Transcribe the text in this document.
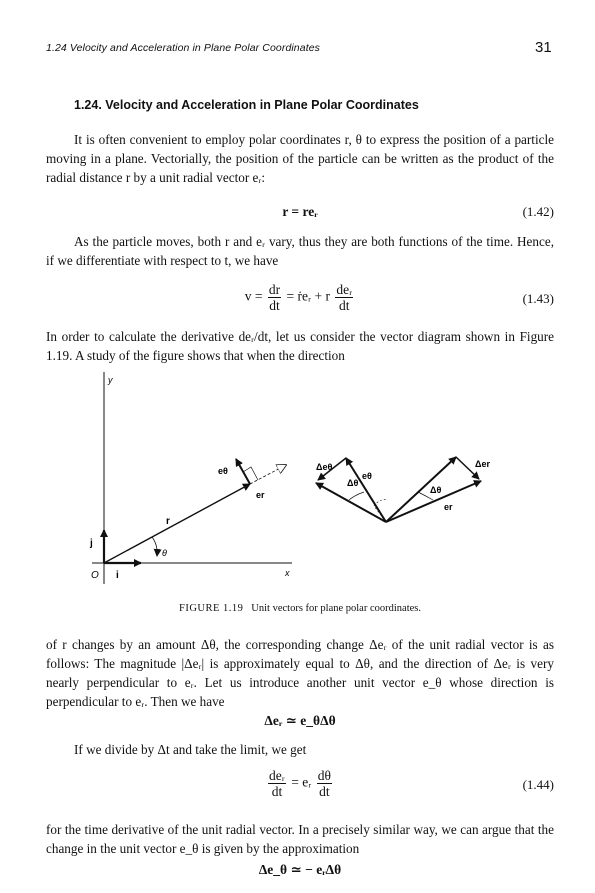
1.24 Velocity and Acceleration in Plane Polar Coordinates	31
1.24. Velocity and Acceleration in Plane Polar Coordinates
It is often convenient to employ polar coordinates r, θ to express the position of a particle moving in a plane. Vectorially, the position of the particle can be written as the product of the radial distance r by a unit radial vector eᵣ:
r = reᵣ	(1.42)
As the particle moves, both r and eᵣ vary, thus they are both functions of the time. Hence, if we differentiate with respect to t, we have
$v = \frac{dr}{dt}$ = ṙeᵣ + r $\frac{\text{deᵣ}}{dt}$	(1.43)
In order to calculate the derivative deᵣ/dt, let us consider the vector diagram shown in Figure 1.19. A study of the figure shows that when the direction
y
x
O
j
i
r
θ
eθ
er
Δeθ
eθ
Δθ
Δer
Δθ
er
FIGURE 1.19 Unit vectors for plane polar coordinates.
of r changes by an amount Δθ, the corresponding change Δeᵣ of the unit radial vector is as follows: The magnitude |Δeᵣ| is approximately equal to Δθ, and the direction of Δeᵣ is very nearly perpendicular to eᵣ. Let us introduce another unit vector e_θ whose direction is perpendicular to eᵣ. Then we have
Δeᵣ ≃ e_θΔθ
If we divide by Δt and take the limit, we get
$\frac{\text{deᵣ}}{dt}$ = eᵣ $\frac{d\theta}{dt}$	(1.44)
for the time derivative of the unit radial vector. In a precisely similar way, we can argue that the change in the unit vector e_θ is given by the approximation
Δe_θ ≃ − eᵣΔθ
